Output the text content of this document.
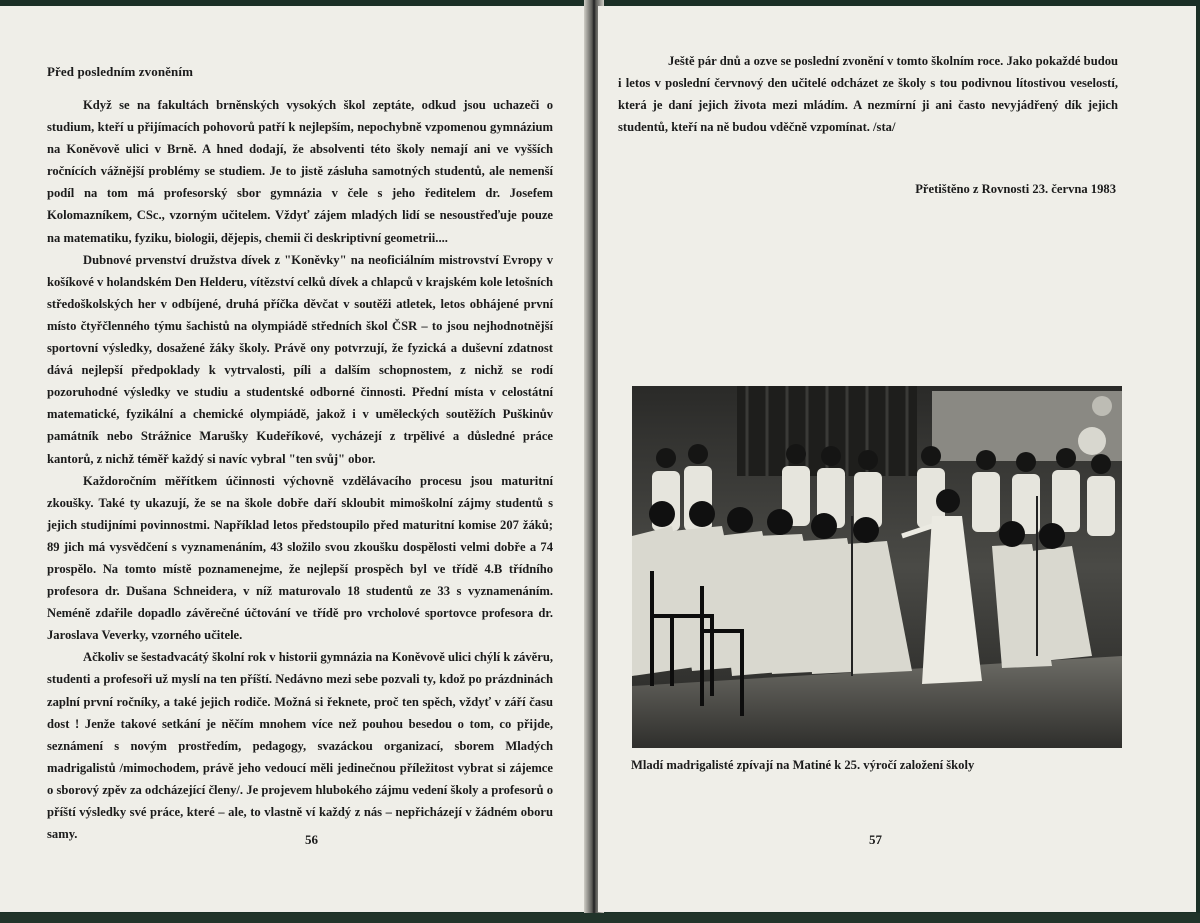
Před posledním zvoněním

Když se na fakultách brněnských vysokých škol zeptáte, odkud jsou uchazeči o studium, kteří u přijímacích pohovorů patří k nejlepším, nepochybně vzpomenou gymnázium na Koněvově ulici v Brně. A hned dodají, že absolventi této školy nemají ani ve vyšších ročnících vážnější problémy se studiem. Je to jistě zásluha samotných studentů, ale nemenší podíl na tom má profesorský sbor gymnázia v čele s jeho ředitelem dr. Josefem Kolomazníkem, CSc., vzorným učitelem. Vždyť zájem mladých lidí se nesoustřeďuje pouze na matematiku, fyziku, biologii, dějepis, chemii či deskriptivní geometrii....

Dubnové prvenství družstva dívek z "Koněvky" na neoficiálním mistrovství Evropy v košíkové v holandském Den Helderu, vítězství celků dívek a chlapců v krajském kole letošních středoškolských her v odbíjené, druhá příčka děvčat v soutěži atletek, letos obhájené první místo čtyřčlenného týmu šachistů na olympiádě středních škol ČSR – to jsou nejhodnotnější sportovní výsledky, dosažené žáky školy. Právě ony potvrzují, že fyzická a duševní zdatnost dává nejlepší předpoklady k vytrvalosti, píli a dalším schopnostem, z nichž se rodí pozoruhodné výsledky ve studiu a studentské odborné činnosti. Přední místa v celostátní matematické, fyzikální a chemické olympiádě, jakož i v uměleckých soutěžích Puškinův památník nebo Strážnice Marušky Kudeříkové, vycházejí z trpělivé a důsledné práce kantorů, z nichž téměř každý si navíc vybral "ten svůj" obor.

Každoročním měřítkem účinnosti výchovně vzdělávacího procesu jsou maturitní zkoušky. Také ty ukazují, že se na škole dobře daří skloubit mimoškolní zájmy studentů s jejich studijními povinnostmi. Například letos předstoupilo před maturitní komise 207 žáků; 89 jich má vysvědčení s vyznamenáním, 43 složilo svou zkoušku dospělosti velmi dobře a 74 prospělo. Na tomto místě poznamenejme, že nejlepší prospěch byl ve třídě 4.B třídního profesora dr. Dušana Schneidera, v níž maturovalo 18 studentů ze 33 s vyznamenáním. Neméně zdařile dopadlo závěrečné účtování ve třídě pro vrcholové sportovce profesora dr. Jaroslava Veverky, vzorného učitele.

Ačkoliv se šestadvacátý školní rok v historii gymnázia na Koněvově ulici chýlí k závěru, studenti a profesoři už myslí na ten příští. Nedávno mezi sebe pozvali ty, kdož po prázdninách zaplní první ročníky, a také jejich rodiče. Možná si řeknete, proč ten spěch, vždyť v září času dost ! Jenže takové setkání je něčím mnohem více než pouhou besedou o tom, co přijde, seznámení s novým prostředím, pedagogy, svazáckou organizací, sborem Mladých madrigalistů /mimochodem, právě jeho vedoucí měli jedinečnou příležitost vybrat si zájemce o sborový zpěv za odcházející členy/. Je projevem hlubokého zájmu vedení školy a profesorů o příští výsledky své práce, které – ale, to vlastně ví každý z nás – nepřicházejí v žádném oboru samy.	56
Ještě pár dnů a ozve se poslední zvonění v tomto školním roce. Jako pokaždé budou i letos v poslední červnový den učitelé odcházet ze školy s tou podivnou lítostivou veselostí, která je daní jejich života mezi mládím. A nezmírní ji ani často nevyjádřený dík jejich studentů, kteří na ně budou vděčně vzpomínat. /sta/
Přetištěno z Rovnosti 23. června 1983
Mladí madrigalisté zpívají na Matiné k 25. výročí založení školy
57
